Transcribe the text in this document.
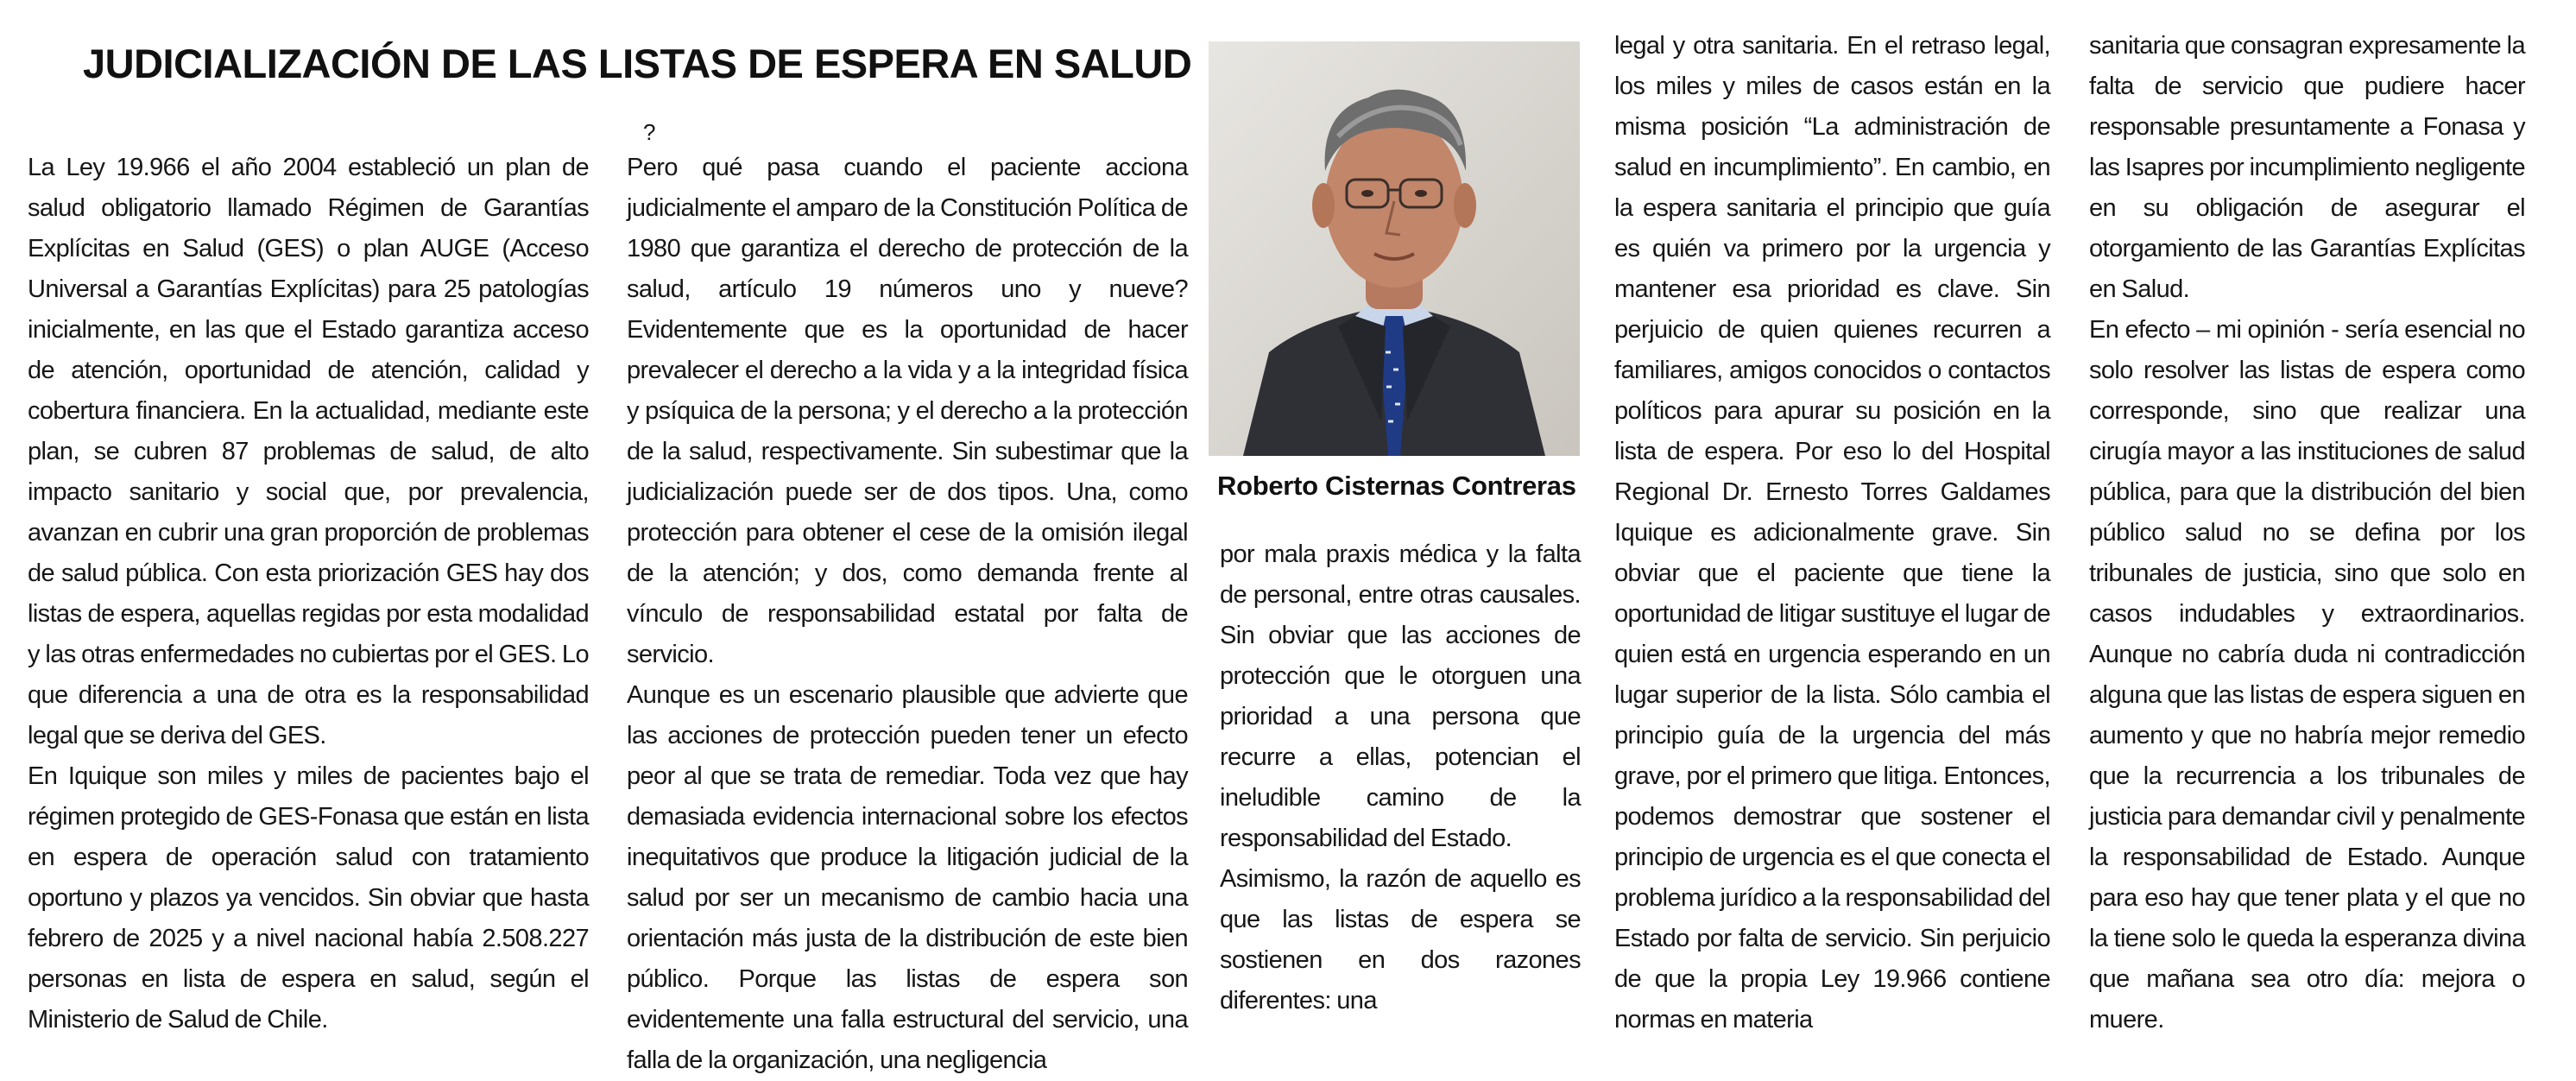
JUDICIALIZACIÓN DE LAS LISTAS DE ESPERA EN SALUD
?

La Ley 19.966 el año 2004 estableció un plan de salud obligatorio llamado Régimen de Garantías Explícitas en Salud (GES) o plan AUGE (Acceso Universal a Garantías Explícitas) para 25 patologías inicialmente, en las que el Estado garantiza acceso de atención, oportunidad de atención, calidad y cobertura financiera. En la actualidad, mediante este plan, se cubren 87 problemas de salud, de alto impacto sanitario y social que, por prevalencia, avanzan en cubrir una gran proporción de problemas de salud pública. Con esta priorización GES hay dos listas de espera, aquellas regidas por esta modalidad y las otras enfermedades no cubiertas por el GES. Lo que diferencia a una de otra es la responsabilidad legal que se deriva del GES.

En Iquique son miles y miles de pacientes bajo el régimen protegido de GES-Fonasa que están en lista en espera de operación salud con tratamiento oportuno y plazos ya vencidos. Sin obviar que hasta febrero de 2025 y a nivel nacional había 2.508.227 personas en lista de espera en salud, según el Ministerio de Salud de Chile.

Pero qué pasa cuando el paciente acciona judicialmente el amparo de la Constitución Política de 1980 que garantiza el derecho de protección de la salud, artículo 19 números uno y nueve? Evidentemente que es la oportunidad de hacer prevalecer el derecho a la vida y a la integridad física y psíquica de la persona; y el derecho a la protección de la salud, respectivamente. Sin subestimar que la judicialización puede ser de dos tipos. Una, como protección para obtener el cese de la omisión ilegal de la atención; y dos, como demanda frente al vínculo de responsabilidad estatal por falta de servicio.

Aunque es un escenario plausible que advierte que las acciones de protección pueden tener un efecto peor al que se trata de remediar. Toda vez que hay demasiada evidencia internacional sobre los efectos inequitativos que produce la litigación judicial de la salud por ser un mecanismo de cambio hacia una orientación más justa de la distribución de este bien público. Porque las listas de espera son evidentemente una falla estructural del servicio, una falla de la organización, una negligencia

Roberto Cisternas Contreras

por mala praxis médica y la falta de personal, entre otras causales. Sin obviar que las acciones de protección que le otorguen una prioridad a una persona que recurre a ellas, potencian el ineludible camino de la responsabilidad del Estado.

Asimismo, la razón de aquello es que las listas de espera se sostienen en dos razones diferentes: una

legal y otra sanitaria. En el retraso legal, los miles y miles de casos están en la misma posición “La administración de salud en incumplimiento”. En cambio, en la espera sanitaria el principio que guía es quién va primero por la urgencia y mantener esa prioridad es clave. Sin perjuicio de quien quienes recurren a familiares, amigos conocidos o contactos políticos para apurar su posición en la lista de espera. Por eso lo del Hospital Regional Dr. Ernesto Torres Galdames Iquique es adicionalmente grave. Sin obviar que el paciente que tiene la oportunidad de litigar sustituye el lugar de quien está en urgencia esperando en un lugar superior de la lista. Sólo cambia el principio guía de la urgencia del más grave, por el primero que litiga. Entonces, podemos demostrar que sostener el principio de urgencia es el que conecta el problema jurídico a la responsabilidad del Estado por falta de servicio. Sin perjuicio de que la propia Ley 19.966 contiene normas en materia

sanitaria que consagran expresamente la falta de servicio que pudiere hacer responsable presuntamente a Fonasa y las Isapres por incumplimiento negligente en su obligación de asegurar el otorgamiento de las Garantías Explícitas en Salud.

En efecto – mi opinión - sería esencial no solo resolver las listas de espera como corresponde, sino que realizar una cirugía mayor a las instituciones de salud pública, para que la distribución del bien público salud no se defina por los tribunales de justicia, sino que solo en casos indudables y extraordinarios. Aunque no cabría duda ni contradicción alguna que las listas de espera siguen en aumento y que no habría mejor remedio que la recurrencia a los tribunales de justicia para demandar civil y penalmente la responsabilidad de Estado. Aunque para eso hay que tener plata y el que no la tiene solo le queda la esperanza divina que mañana sea otro día: mejora o muere.
